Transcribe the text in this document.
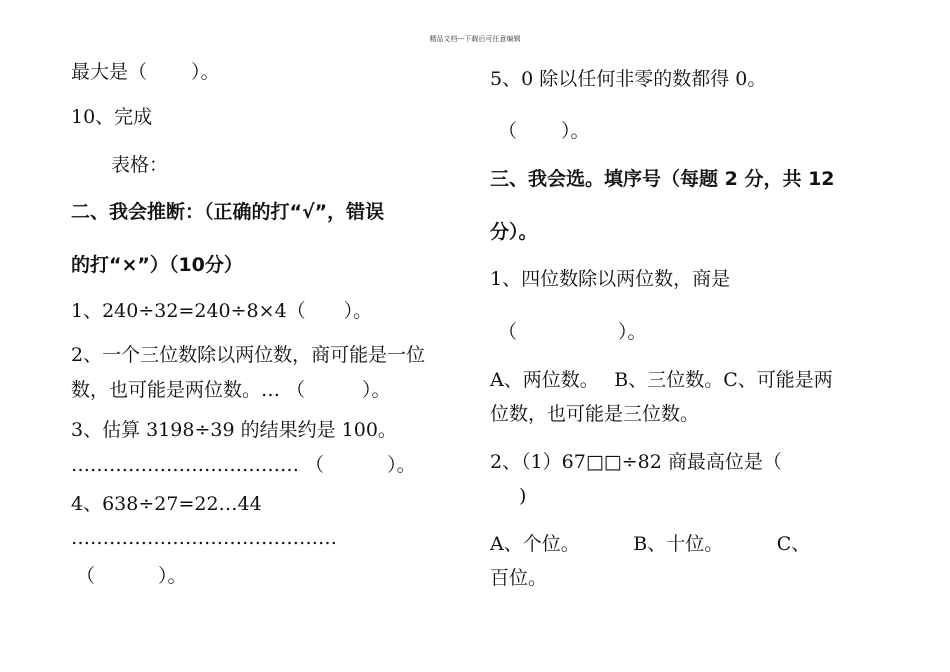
精品文档---下载后可任意编辑
最大是（　　 ）。
10、完成
表格：
二、我会推断：（正确的打“√”，错误
的打“×”）（10分）
1、240÷32=240÷8×4（　　）。
2、一个三位数除以两位数，商可能是一位
数，也可能是两位数。… （　　　）。
3、估算 3198÷39 的结果约是 100。
……………………………… （　　　 ）。
4、638÷27=22…44
……………………………………
（　　　 ）。
5、0 除以任何非零的数都得 0。
（　　 ）。
三、我会选。填序号（每题 2 分，共 12
分）。
1、四位数除以两位数，商是
（　　　　　 ）。
A、两位数。　 B、三位数。C、可能是两
位数，也可能是三位数。
2、（1）67□□÷82 商最高位是（
)
A、个位。　　　 B、十位。　　　 C、
百位。
